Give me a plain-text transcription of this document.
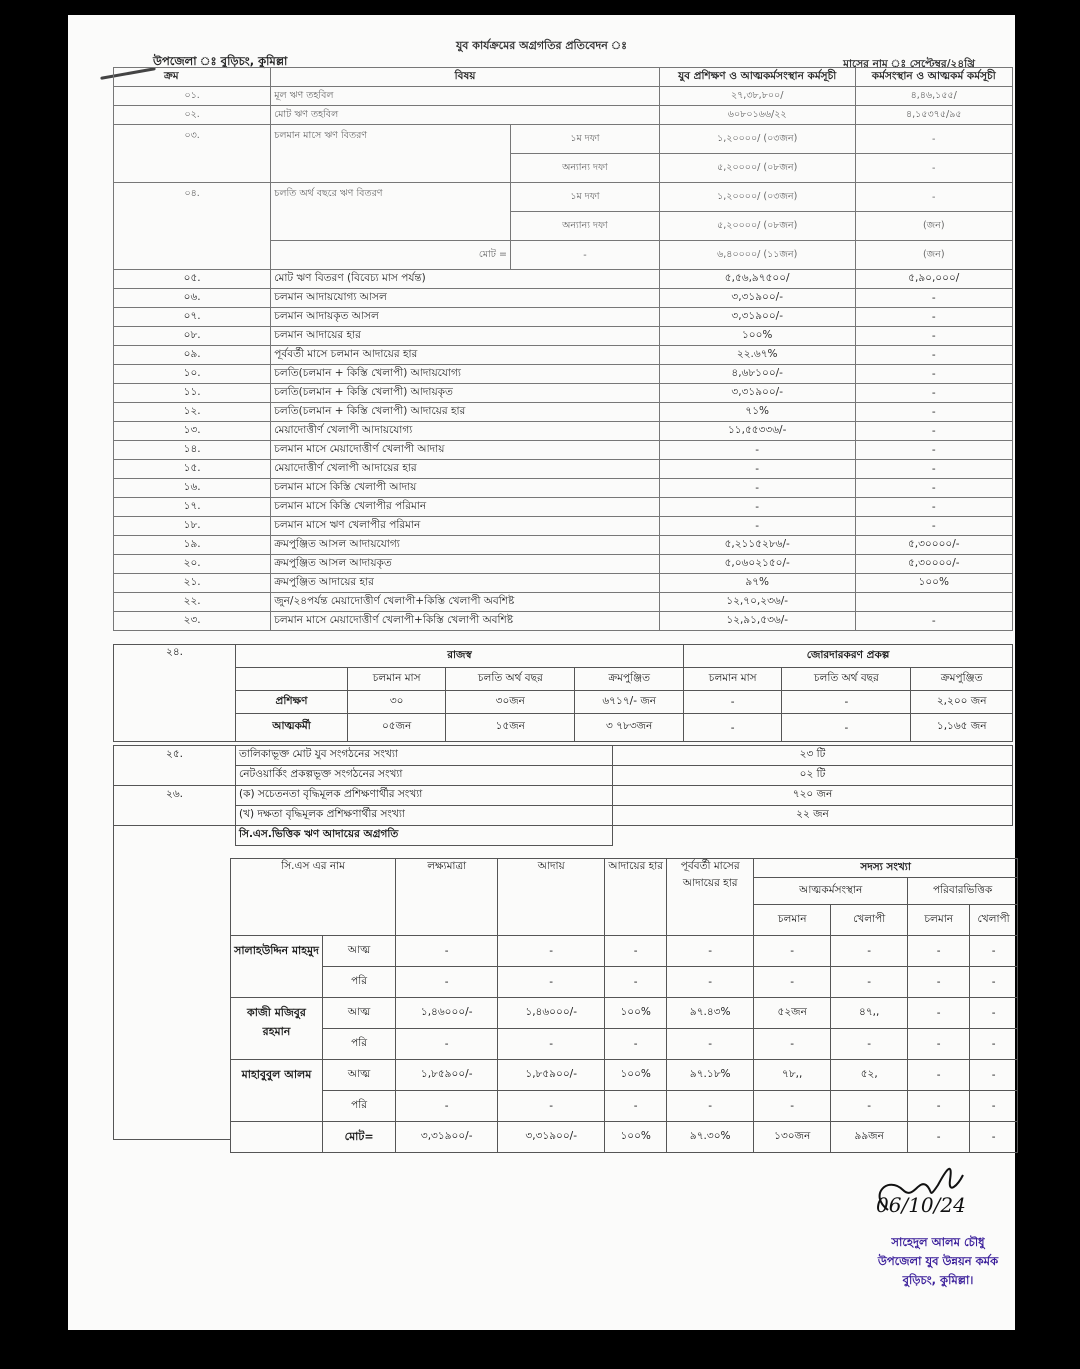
যুব কার্যক্রমের অগ্রগতির প্রতিবেদন ঃ
উপজেলা ঃ বুড়িচং, কুমিল্লা	মাসের নাম ঃ সেপ্টেম্বর/২৪খ্রি
ক্রম	বিষয়		যুব প্রশিক্ষণ ও আত্মকর্মসংস্থান কর্মসূচী	কর্মসংস্থান ও আত্মকর্ম কর্মসূচী
০১.	মূল ঋণ তহবিল		২৭,৩৮,৮০০/	৪,৪৬,১৫৫/
০২.	মোট ঋণ তহবিল		৬০৮০১৬৬/২২	৪,১৫৩৭৫/৯৫
০৩.	চলমান মাসে ঋণ বিতরণ	১ম দফা	১,২০০০০/ (০৩জন)	-
		অন্যান্য দফা	৫,২০০০০/ (০৮জন)	-
০৪.	চলতি অর্থ বছরে ঋণ বিতরণ	১ম দফা	১,২০০০০/ (০৩জন)	-
		অন্যান্য দফা	৫,২০০০০/ (০৮জন)	(জন)
	মোট =	-	৬,৪০০০০/ (১১জন)	(জন)
০৫.	মোট ঋণ বিতরণ (বিবেচ্য মাস পর্যন্ত)		৫,৫৬,৯৭৫০০/	৫,৯০,০০০/
০৬.	চলমান আদায়যোগ্য আসল		৩,৩১৯০০/-	-
০৭.	চলমান আদায়কৃত আসল		৩,৩১৯০০/-	-
০৮.	চলমান আদায়ের হার		১০০%	-
০৯.	পূর্ববর্তী মাসে চলমান আদায়ের হার		২২.৬৭%	-
১০.	চলতি(চলমান + কিস্তি খেলাপী) আদায়যোগ্য		৪,৬৮১০০/-	-
১১.	চলতি(চলমান + কিস্তি খেলাপী) আদায়কৃত		৩,৩১৯০০/-	-
১২.	চলতি(চলমান + কিস্তি খেলাপী) আদায়ের হার		৭১%	-
১৩.	মেয়াদোত্তীর্ণ খেলাপী আদায়যোগ্য		১১,৫৫৩৩৬/-	-
১৪.	চলমান মাসে মেয়াদোত্তীর্ণ খেলাপী আদায়		-	-
১৫.	মেয়াদোত্তীর্ণ খেলাপী আদায়ের হার		-	-
১৬.	চলমান মাসে কিস্তি খেলাপী আদায়		-	-
১৭.	চলমান মাসে কিস্তি খেলাপীর পরিমান		-	-
১৮.	চলমান মাসে ঋণ খেলাপীর পরিমান		-	-
১৯.	ক্রমপুঞ্জিত আসল আদায়যোগ্য		৫,২১১৫২৮৬/-	৫,৩০০০০/-
২০.	ক্রমপুঞ্জিত আসল আদায়কৃত		৫,০৬০২১৫০/-	৫,৩০০০০/-
২১.	ক্রমপুঞ্জিত আদায়ের হার		৯৭%	১০০%
২২.	জুন/২৪পর্যন্ত মেয়াদোত্তীর্ণ খেলাপী+কিস্তি খেলাপী অবশিষ্ট		১২,৭০,২৩৬/-	
২৩.	চলমান মাসে মেয়াদোত্তীর্ণ খেলাপী+কিস্তি খেলাপী অবশিষ্ট		১২,৯১,৫৩৬/-	-
২৪.	রাজস্ব				জোরদারকরণ প্রকল্প		
		চলমান মাস	চলতি অর্থ বছর	ক্রমপুঞ্জিত	চলমান মাস	চলতি অর্থ বছর	ক্রমপুঞ্জিত
	প্রশিক্ষণ	৩০	৩০জন	৬৭১৭/- জন	-	-	২,২০০ জন
	আত্মকর্মী	০৫জন	১৫জন	৩ ৭৮৩জন	-	-	১,১৬৫ জন
২৫.	তালিকাভূক্ত মোট যুব সংগঠনের সংখ্যা	২৩ টি
	নেটওয়ার্কিং প্রকল্পভূক্ত সংগঠনের সংখ্যা	০২ টি
২৬.	(ক) সচেতনতা বৃদ্ধিমূলক প্রশিক্ষণার্থীর সংখ্যা	৭২০ জন
	(খ) দক্ষতা বৃদ্ধিমূলক প্রশিক্ষণার্থীর সংখ্যা	২২ জন
	সি.এস.ভিত্তিক ঋণ আদায়ের অগ্রগতি	
সি.এস এর নাম		লক্ষ্যমাত্রা	আদায়	আদায়ের হার	পূর্ববর্তী মাসের আদায়ের হার	সদস্য সংখ্যা			
						আত্মকর্মসংস্থান		পরিবারভিত্তিক	
						চলমান	খেলাপী	চলমান	খেলাপী
সালাহউদ্দিন মাহমুদ	আত্ম	-	-	-	-	-	-	-	-
	পরি	-	-	-	-	-	-	-	-
কাজী মজিবুর রহমান	আত্ম	১,৪৬০০০/-	১,৪৬০০০/-	১০০%	৯৭.৪৩%	৫২জন	৪৭,,	-	-
	পরি	-	-	-	-	-	-	-	-
মাহাবুবুল আলম	আত্ম	১,৮৫৯০০/-	১,৮৫৯০০/-	১০০%	৯৭.১৮%	৭৮,,	৫২,	-	-
	পরি	-	-	-	-	-	-	-	-
	মোট=	৩,৩১৯০০/-	৩,৩১৯০০/-	১০০%	৯৭.৩০%	১৩০জন	৯৯জন	-	-
06/10/24
সাহেদুল আলম চৌধু
উপজেলা যুব উন্নয়ন কর্মক
বুড়িচং, কুমিল্লা।
